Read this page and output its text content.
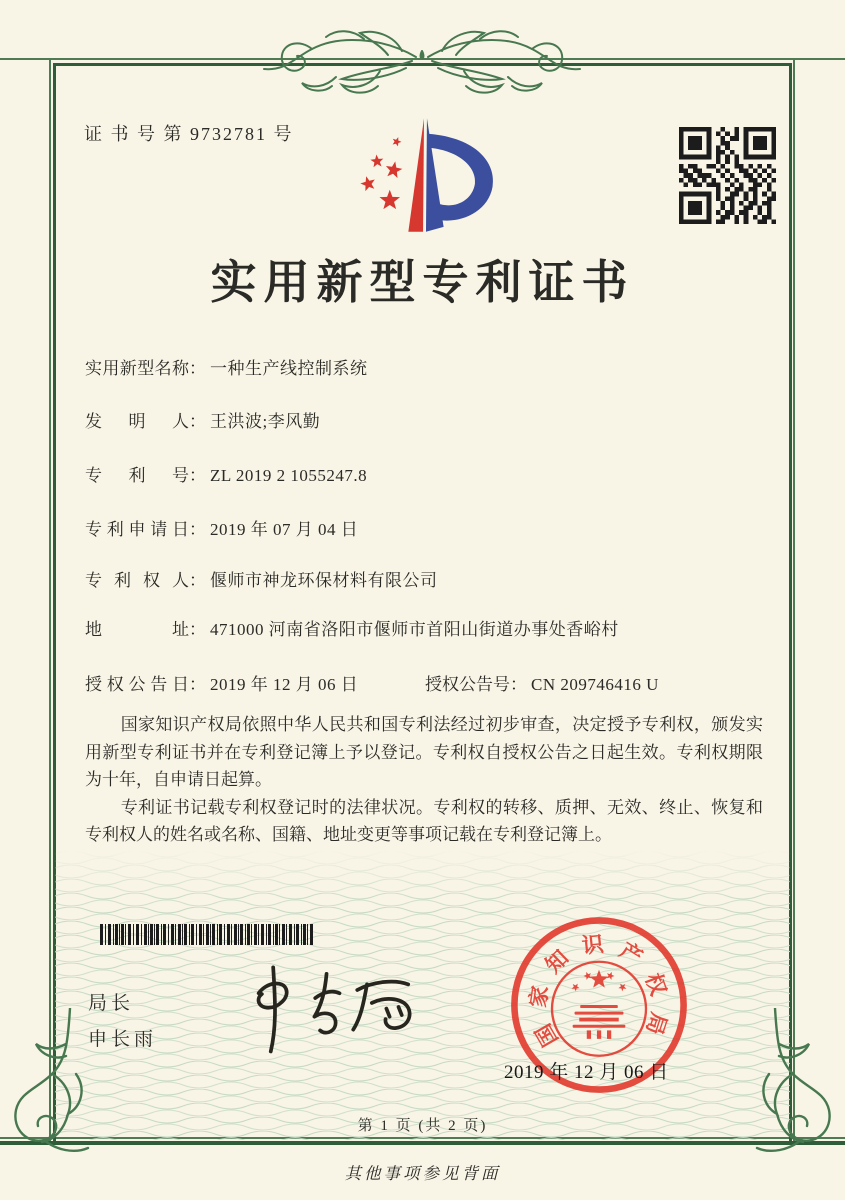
证 书 号 第 9732781 号
实用新型专利证书
实用新型名称： 一种生产线控制系统
发明人： 王洪波;李风勤
专利号： ZL 2019 2 1055247.8
专利申请日： 2019 年 07 月 04 日
专利权人： 偃师市神龙环保材料有限公司
地址： 471000 河南省洛阳市偃师市首阳山街道办事处香峪村
授权公告日： 2019 年 12 月 06 日	授权公告号： CN 209746416 U

国家知识产权局依照中华人民共和国专利法经过初步审查，决定授予专利权，颁发实用新型专利证书并在专利登记簿上予以登记。专利权自授权公告之日起生效。专利权期限为十年，自申请日起算。

专利证书记载专利权登记时的法律状况。专利权的转移、质押、无效、终止、恢复和专利权人的姓名或名称、国籍、地址变更等事项记载在专利登记簿上。

局长
申长雨	国
家
知
识 产
权
局
2019 年 12 月 06 日
第 1 页 (共 2 页)
其他事项参见背面
